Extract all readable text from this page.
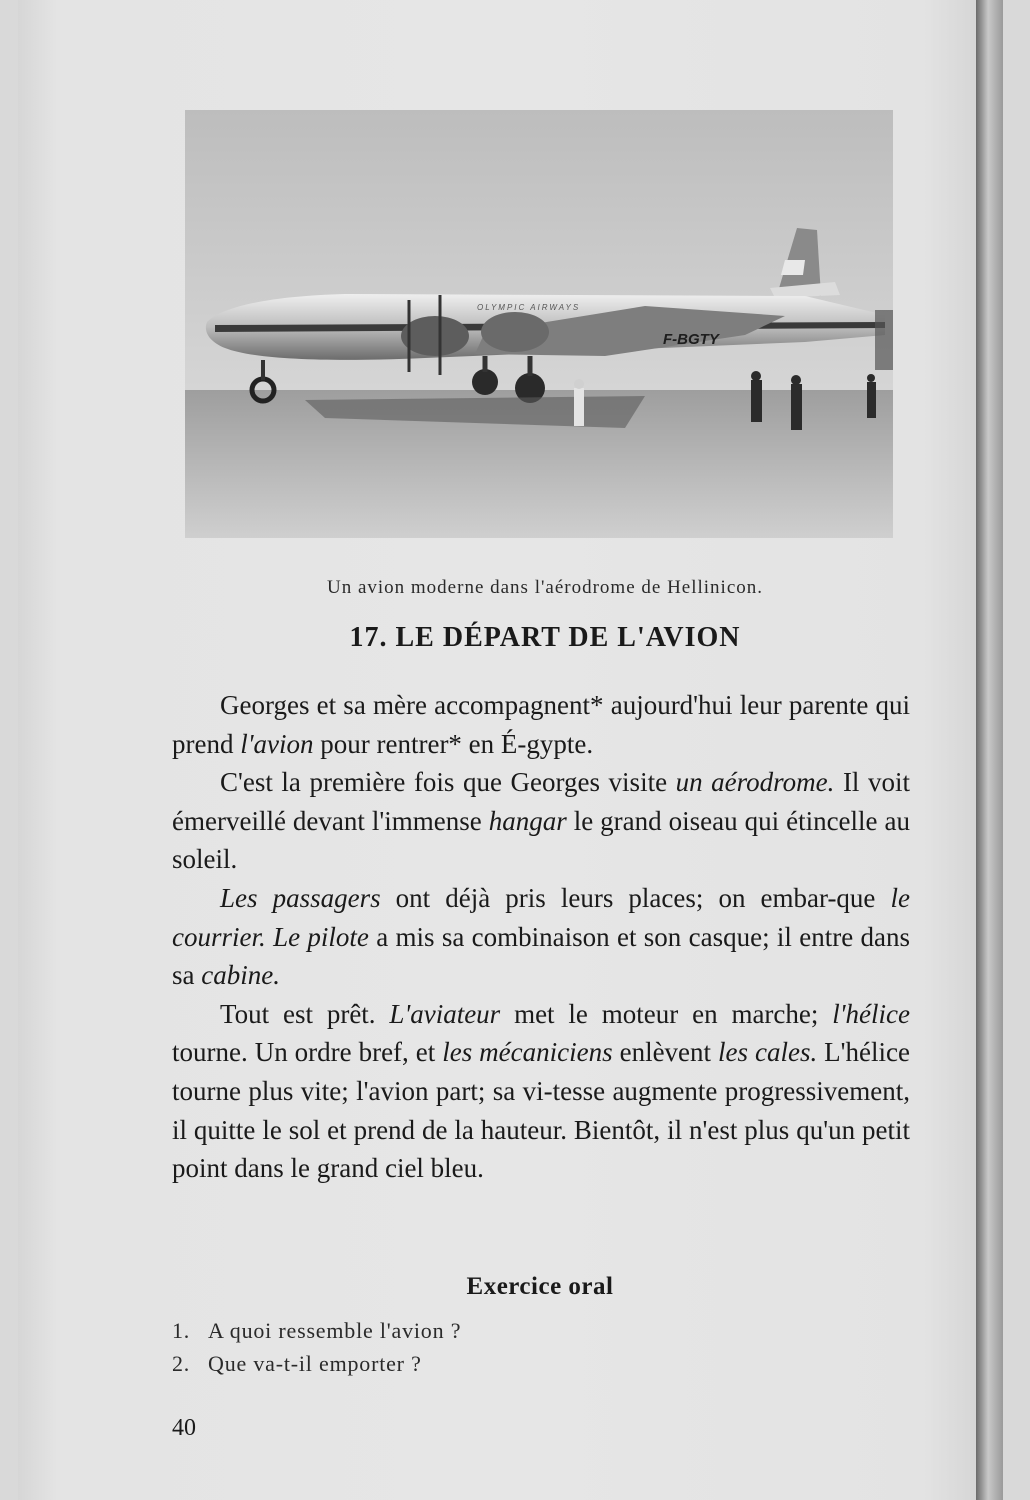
F-BGTY
OLYMPIC AIRWAYS
Un avion moderne dans l'aérodrome de Hellinicon.
17. LE DÉPART DE L'AVION

Georges et sa mère accompagnent* aujourd'hui leur parente qui prend l'avion pour rentrer* en É-gypte.

C'est la première fois que Georges visite un aérodrome. Il voit émerveillé devant l'immense hangar le grand oiseau qui étincelle au soleil.

Les passagers ont déjà pris leurs places; on embar-que le courrier. Le pilote a mis sa combinaison et son casque; il entre dans sa cabine.

Tout est prêt. L'aviateur met le moteur en marche; l'hélice tourne. Un ordre bref, et les mécaniciens enlèvent les cales. L'hélice tourne plus vite; l'avion part; sa vi-tesse augmente progressivement, il quitte le sol et prend de la hauteur. Bientôt, il n'est plus qu'un petit point dans le grand ciel bleu.

Exercice oral
1. A quoi ressemble l'avion ?
2. Que va-t-il emporter ?
40
